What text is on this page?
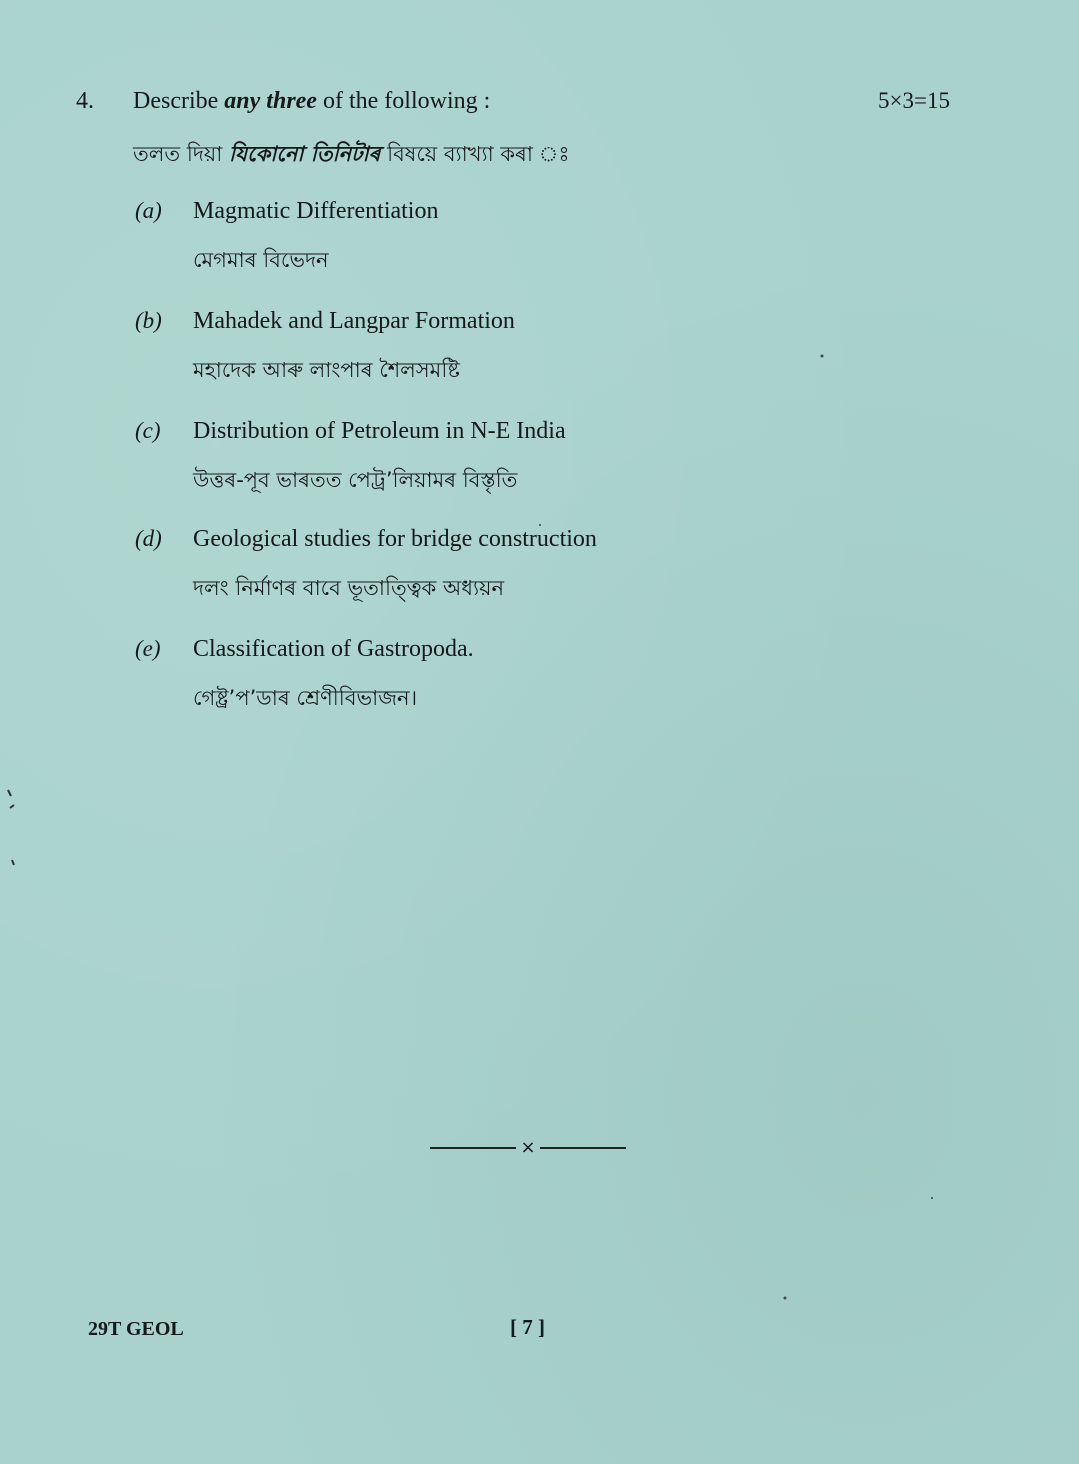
4. Describe any three of the following :	5×3=15
তলত দিয়া যিকোনো তিনিটাৰ বিষয়ে ব্যাখ্যা কৰা ঃ
(a) Magmatic Differentiation
মেগমাৰ বিভেদন
(b) Mahadek and Langpar Formation
মহাদেক আৰু লাংপাৰ শৈলসমষ্টি
(c) Distribution of Petroleum in N-E India
উত্তৰ-পূব ভাৰতত পেট্ৰ’লিয়ামৰ বিস্তৃতি
(d) Geological studies for bridge construction
দলং নিৰ্মাণৰ বাবে ভূতাত্ত্বিক অধ্যয়ন
(e) Classification of Gastropoda.
গেষ্ট্ৰ’প’ডাৰ শ্ৰেণীবিভাজন।
×
29T GEOL	[ 7 ]
